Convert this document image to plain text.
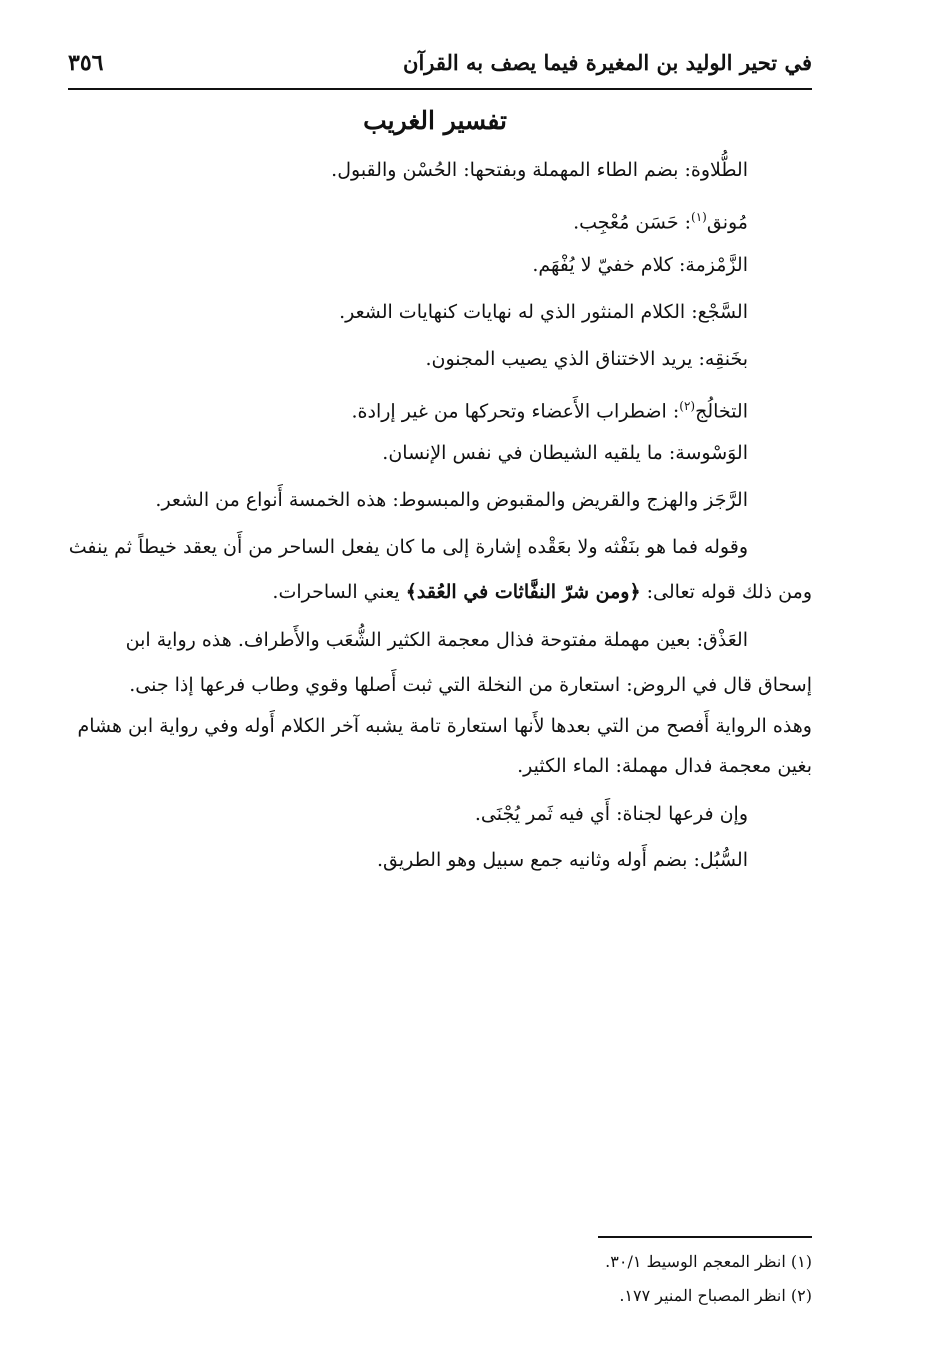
في تحير الوليد بن المغيرة فيما يصف به القرآن
٣٥٦
تفسير الغريب
الطُّلاوة: بضم الطاء المهملة وبفتحها: الحُسْن والقبول.
مُونق$^{(١)}$: حَسَن مُعْجِب.
الزَّمْزمة: كلام خفيّ لا يُفْهَم.
السَّجْع: الكلام المنثور الذي له نهايات كنهايات الشعر.
بخَنقِه: يريد الاختناق الذي يصيب المجنون.
التخالُج$^{(٢)}$: اضطراب الأَعضاء وتحركها من غير إرادة.
الوَسْوسة: ما يلقيه الشيطان في نفس الإنسان.
الرَّجَز والهزج والقريض والمقبوض والمبسوط: هذه الخمسة أَنواع من الشعر.
وقوله فما هو بنَفْثه ولا بعَقْده إشارة إلى ما كان يفعل الساحر من أَن يعقد خيطاً ثم ينفث
ومن ذلك قوله تعالى: ﴿ومن شرّ النفَّاثات في العُقد﴾ يعني الساحرات.
العَذْق: بعين مهملة مفتوحة فذال معجمة الكثير الشُّعَب والأَطراف. هذه رواية ابن
إسحاق قال في الروض: استعارة من النخلة التي ثبت أَصلها وقوي وطاب فرعها إذا جنى.
وهذه الرواية أَفصح من التي بعدها لأَنها استعارة تامة يشبه آخر الكلام أَوله وفي رواية ابن هشام
بغين معجمة فدال مهملة: الماء الكثير.
وإن فرعها لجناة: أَي فيه ثَمر يُجْنَى.
السُّبُل: بضم أَوله وثانيه جمع سبيل وهو الطريق.
(١) انظر المعجم الوسيط ٣٠/١.
(٢) انظر المصباح المنير ١٧٧.
